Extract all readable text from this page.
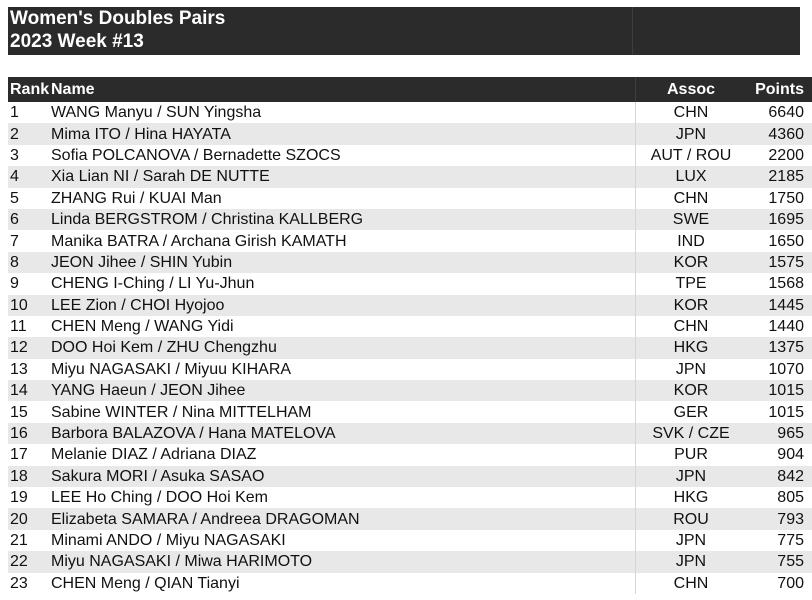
Women's Doubles Pairs
2023 Week #13
Rank	Name	Assoc	Points
1	WANG Manyu / SUN Yingsha	CHN	6640
2	Mima ITO / Hina HAYATA	JPN	4360
3	Sofia POLCANOVA / Bernadette SZOCS	AUT / ROU	2200
4	Xia Lian NI / Sarah DE NUTTE	LUX	2185
5	ZHANG Rui / KUAI Man	CHN	1750
6	Linda BERGSTROM / Christina KALLBERG	SWE	1695
7	Manika BATRA / Archana Girish KAMATH	IND	1650
8	JEON Jihee / SHIN Yubin	KOR	1575
9	CHENG I-Ching / LI Yu-Jhun	TPE	1568
10	LEE Zion / CHOI Hyojoo	KOR	1445
11	CHEN Meng / WANG Yidi	CHN	1440
12	DOO Hoi Kem / ZHU Chengzhu	HKG	1375
13	Miyu NAGASAKI / Miyuu KIHARA	JPN	1070
14	YANG Haeun / JEON Jihee	KOR	1015
15	Sabine WINTER / Nina MITTELHAM	GER	1015
16	Barbora BALAZOVA / Hana MATELOVA	SVK / CZE	965
17	Melanie DIAZ / Adriana DIAZ	PUR	904
18	Sakura MORI / Asuka SASAO	JPN	842
19	LEE Ho Ching / DOO Hoi Kem	HKG	805
20	Elizabeta SAMARA / Andreea DRAGOMAN	ROU	793
21	Minami ANDO / Miyu NAGASAKI	JPN	775
22	Miyu NAGASAKI / Miwa HARIMOTO	JPN	755
23	CHEN Meng / QIAN Tianyi	CHN	700
